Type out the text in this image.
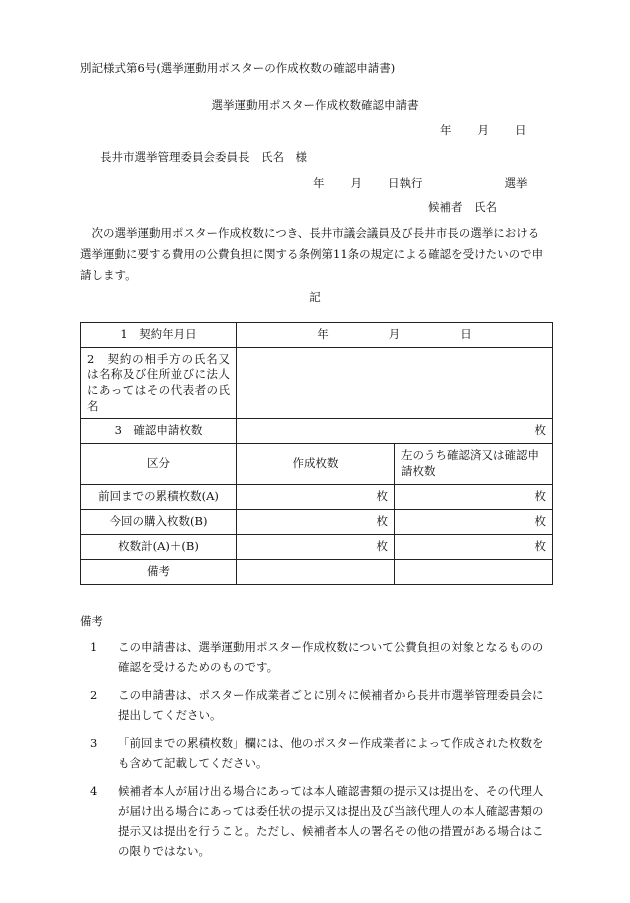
別記様式第6号(選挙運動用ポスターの作成枚数の確認申請書)
選挙運動用ポスター作成枚数確認申請書
年 月 日
長井市選挙管理委員会委員長　氏名　様
年 月 日執行	選挙
候補者　氏名
次の選挙運動用ポスター作成枚数につき、長井市議会議員及び長井市長の選挙における選挙運動に要する費用の公費負担に関する条例第11条の規定による確認を受けたいので申請します。
記
1　契約年月日	年 月 日	
2　契約の相手方の氏名又は名称及び住所並びに法人にあってはその代表者の氏名		
3　確認申請枚数	枚	
区分	作成枚数	左のうち確認済又は確認申請枚数
前回までの累積枚数(A)	枚	枚
今回の購入枚数(B)	枚	枚
枚数計(A)＋(B)	枚	枚
備考		
備考
1 この申請書は、選挙運動用ポスター作成枚数について公費負担の対象となるものの確認を受けるためのものです。
2 この申請書は、ポスター作成業者ごとに別々に候補者から長井市選挙管理委員会に提出してください。
3 「前回までの累積枚数」欄には、他のポスター作成業者によって作成された枚数をも含めて記載してください。
4 候補者本人が届け出る場合にあっては本人確認書類の提示又は提出を、その代理人が届け出る場合にあっては委任状の提示又は提出及び当該代理人の本人確認書類の提示又は提出を行うこと。ただし、候補者本人の署名その他の措置がある場合はこの限りではない。
